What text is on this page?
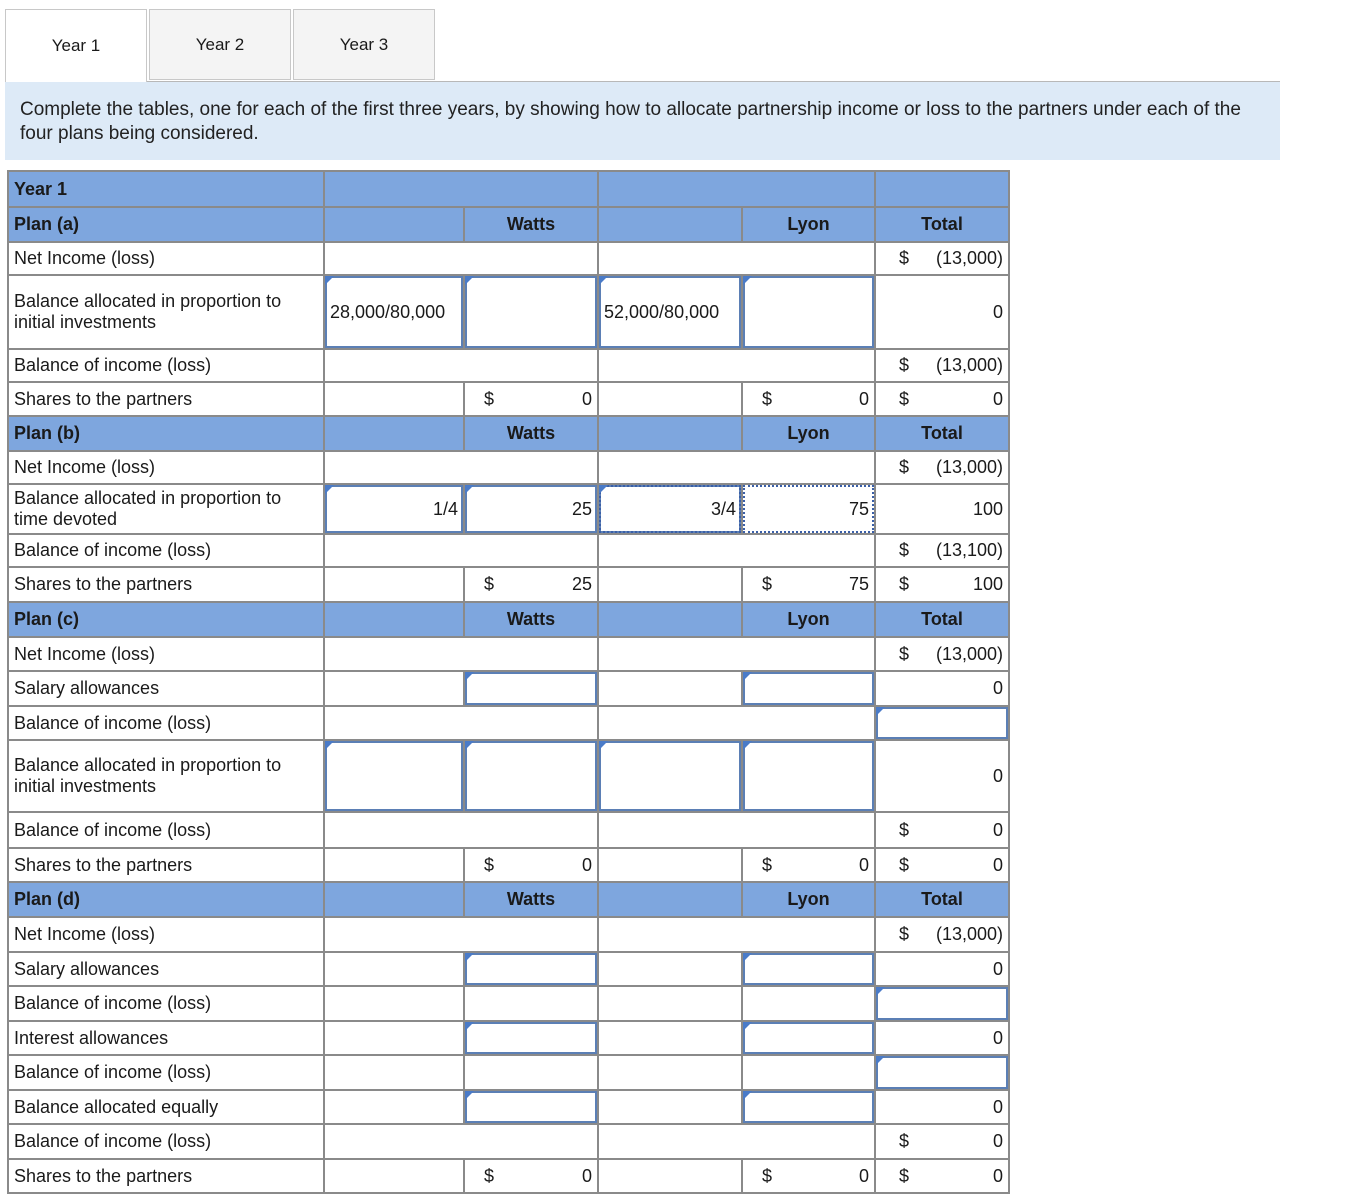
Year 1	Year 2	Year 3
Complete the tables, one for each of the first three years, by showing how to allocate partnership income or loss to the partners under each of the four plans being considered.
Year 1					
Plan (a)		Watts		Lyon	Total
Net Income (loss)					$ (13,000)

Balance allocated in proportion to initial investments	28,000/80,000		52,000/80,000		0
Balance of income (loss)					$ (13,000)

Shares to the partners		$ 0		$ 0	$ 0

Plan (b)		Watts		Lyon	Total
Net Income (loss)					$ (13,000)

Balance allocated in proportion to time devoted	1/4	25	3/4	75	100
Balance of income (loss)					$ (13,100)

Shares to the partners		$ 25		$ 75	$ 100

Plan (c)		Watts		Lyon	Total
Net Income (loss)					$ (13,000)

Salary allowances					0
Balance of income (loss)					
Balance allocated in proportion to initial investments					0
Balance of income (loss)					$ 0

Shares to the partners		$ 0		$ 0	$ 0

Plan (d)		Watts		Lyon	Total
Net Income (loss)					$ (13,000)

Salary allowances					0
Balance of income (loss)					
Interest allowances					0
Balance of income (loss)					
Balance allocated equally					0
Balance of income (loss)					$ 0

Shares to the partners		$ 0		$ 0	$ 0
